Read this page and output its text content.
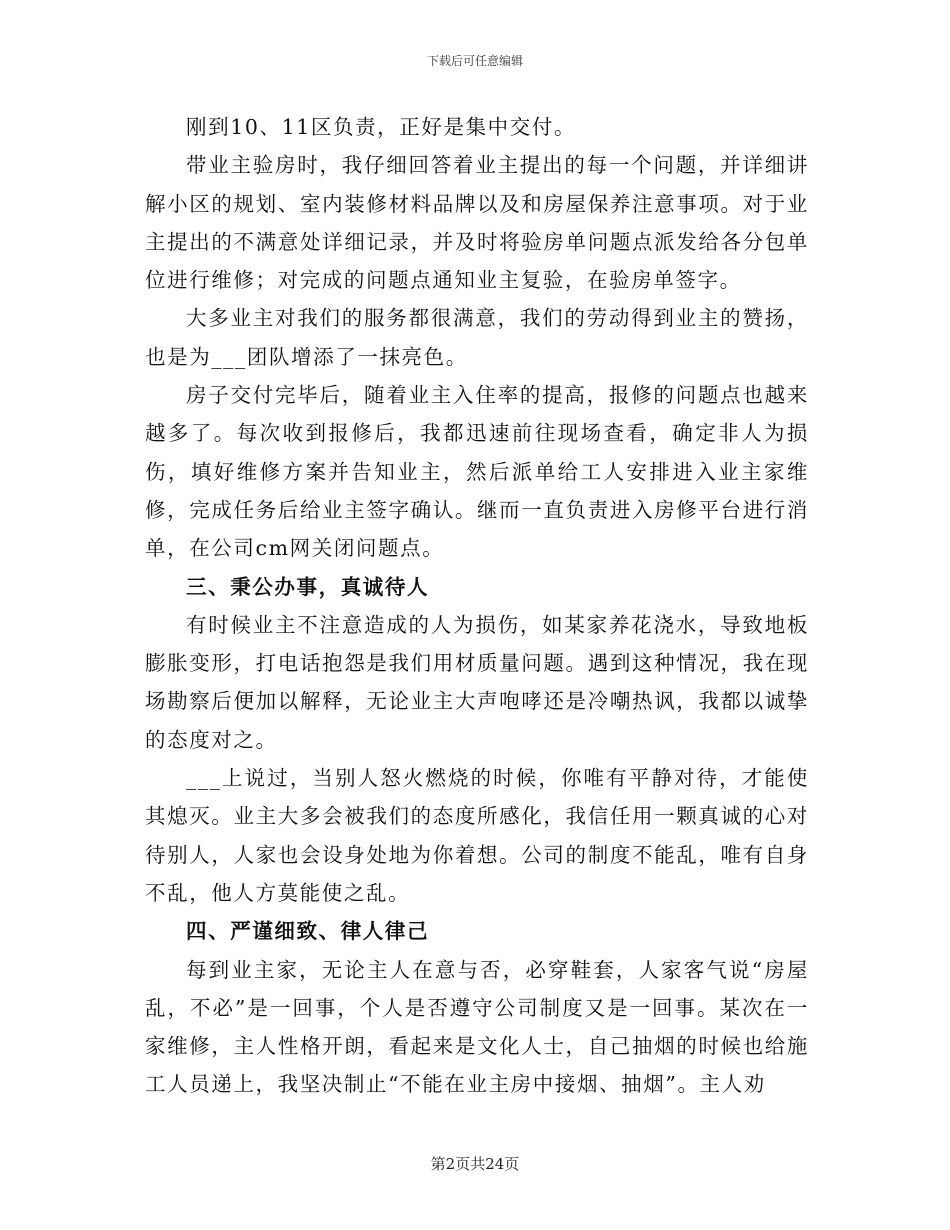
下载后可任意编辑

刚到10、11区负责，正好是集中交付。

带业主验房时，我仔细回答着业主提出的每一个问题，并详细讲解小区的规划、室内装修材料品牌以及和房屋保养注意事项。对于业主提出的不满意处详细记录，并及时将验房单问题点派发给各分包单位进行维修；对完成的问题点通知业主复验，在验房单签字。

大多业主对我们的服务都很满意，我们的劳动得到业主的赞扬，也是为___团队增添了一抹亮色。

房子交付完毕后，随着业主入住率的提高，报修的问题点也越来越多了。每次收到报修后，我都迅速前往现场查看，确定非人为损伤，填好维修方案并告知业主，然后派单给工人安排进入业主家维修，完成任务后给业主签字确认。继而一直负责进入房修平台进行消单，在公司cm网关闭问题点。

三、秉公办事，真诚待人

有时候业主不注意造成的人为损伤，如某家养花浇水，导致地板膨胀变形，打电话抱怨是我们用材质量问题。遇到这种情况，我在现场勘察后便加以解释，无论业主大声咆哮还是冷嘲热讽，我都以诚挚的态度对之。

___上说过，当别人怒火燃烧的时候，你唯有平静对待，才能使其熄灭。业主大多会被我们的态度所感化，我信任用一颗真诚的心对待别人，人家也会设身处地为你着想。公司的制度不能乱，唯有自身不乱，他人方莫能使之乱。

四、严谨细致、律人律己

每到业主家，无论主人在意与否，必穿鞋套，人家客气说“房屋乱，不必”是一回事，个人是否遵守公司制度又是一回事。某次在一家维修，主人性格开朗，看起来是文化人士，自己抽烟的时候也给施工人员递上，我坚决制止“不能在业主房中接烟、抽烟”。主人劝

第2页共24页
